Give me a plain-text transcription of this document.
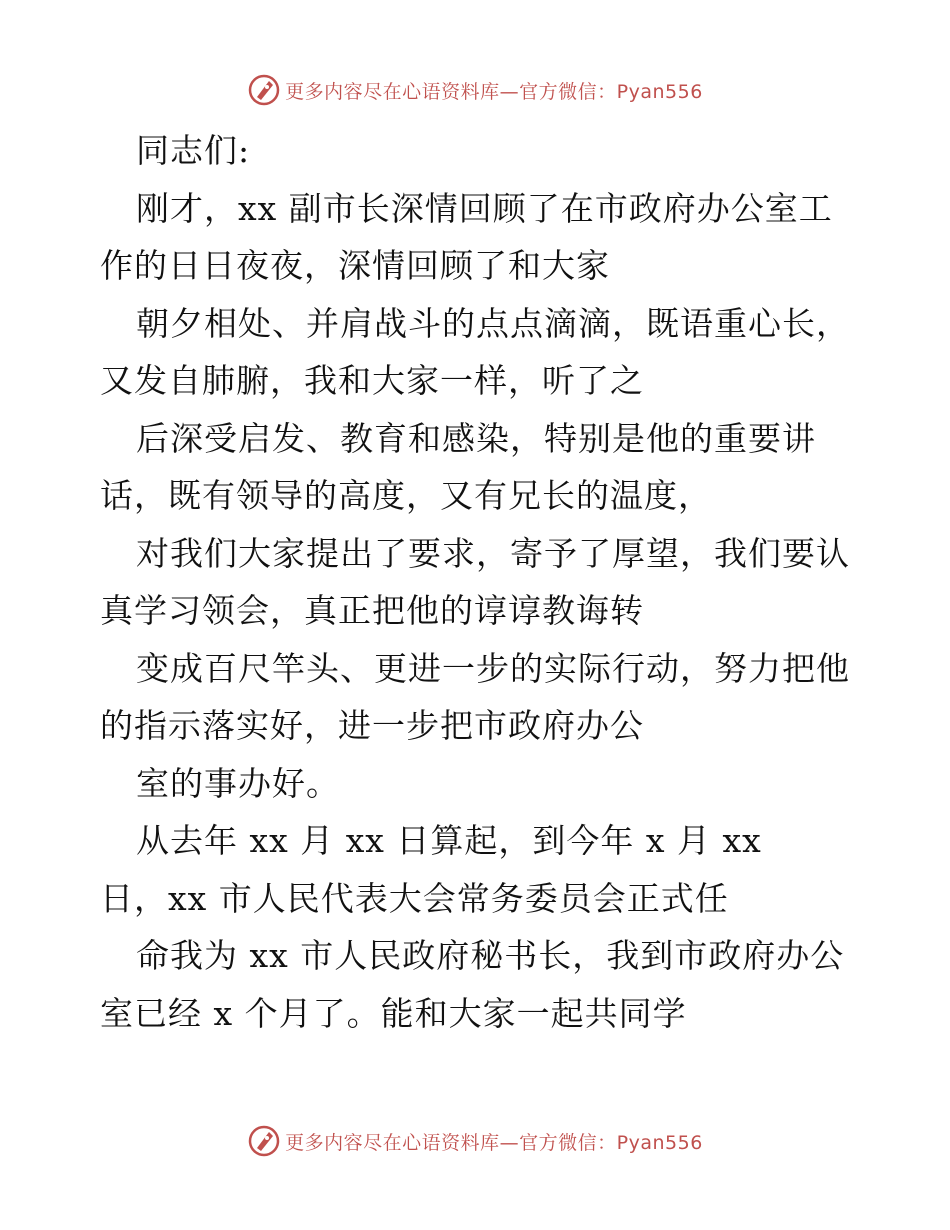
更多内容尽在心语资料库—官方微信：Pyan556
同志们:
刚才，xx 副市长深情回顾了在市政府办公室工
作的日日夜夜，深情回顾了和大家
朝夕相处、并肩战斗的点点滴滴，既语重心长，
又发自肺腑，我和大家一样，听了之
后深受启发、教育和感染，特别是他的重要讲
话，既有领导的高度，又有兄长的温度，
对我们大家提出了要求，寄予了厚望，我们要认
真学习领会，真正把他的谆谆教诲转
变成百尺竿头、更进一步的实际行动，努力把他
的指示落实好，进一步把市政府办公
室的事办好。
从去年 xx 月 xx 日算起，到今年 x 月 xx
日，xx 市人民代表大会常务委员会正式任
命我为 xx 市人民政府秘书长，我到市政府办公
室已经 x 个月了。能和大家一起共同学
更多内容尽在心语资料库—官方微信：Pyan556
